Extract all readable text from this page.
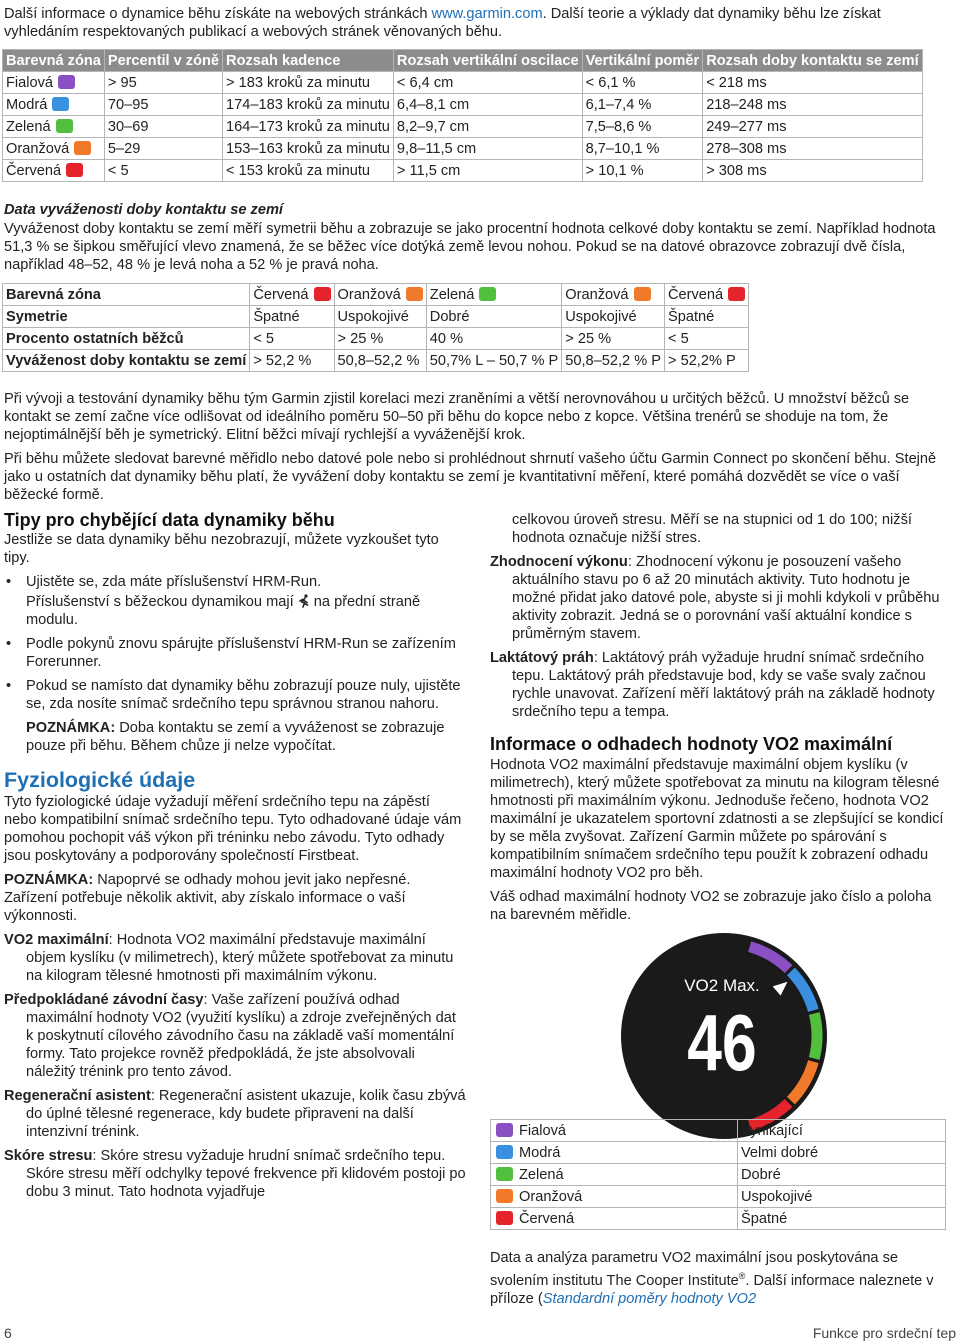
Další informace o dynamice běhu získáte na webových stránkách www.garmin.com. Další teorie a výklady dat dynamiky běhu lze získat vyhledáním respektovaných publikací a webových stránek věnovaných běhu.
Barevná zóna	Percentil v zóně	Rozsah kadence	Rozsah vertikální oscilace	Vertikální poměr	Rozsah doby kontaktu se zemí
Fialová	> 95	> 183 kroků za minutu	< 6,4 cm	< 6,1 %	< 218 ms
Modrá	70–95	174–183 kroků za minutu	6,4–8,1 cm	6,1–7,4 %	218–248 ms
Zelená	30–69	164–173 kroků za minutu	8,2–9,7 cm	7,5–8,6 %	249–277 ms
Oranžová	5–29	153–163 kroků za minutu	9,8–11,5 cm	8,7–10,1 %	278–308 ms
Červená	< 5	< 153 kroků za minutu	> 11,5 cm	> 10,1 %	> 308 ms
Data vyváženosti doby kontaktu se zemí
Vyváženost doby kontaktu se zemí měří symetrii běhu a zobrazuje se jako procentní hodnota celkové doby kontaktu se zemí. Například hodnota 51,3 % se šipkou směřující vlevo znamená, že se běžec více dotýká země levou nohou. Pokud se na datové obrazovce zobrazují dvě čísla, například 48–52, 48 % je levá noha a 52 % je pravá noha.
Barevná zóna	Červená	Oranžová	Zelená	Oranžová	Červená
Symetrie	Špatné	Uspokojivé	Dobré	Uspokojivé	Špatné
Procento ostatních běžců	< 5	> 25 %	40 %	> 25 %	< 5
Vyváženost doby kontaktu se zemí	> 52,2 %	50,8–52,2 %	50,7% L – 50,7 % P	50,8–52,2 % P	> 52,2% P

Při vývoji a testování dynamiky běhu tým Garmin zjistil korelaci mezi zraněními a větší nerovnováhou u určitých běžců. U množství běžců se kontakt se zemí začne více odlišovat od ideálního poměru 50–50 při běhu do kopce nebo z kopce. Většina trenérů se shoduje na tom, že nejoptimálnější běh je symetrický. Elitní běžci mívají rychlejší a vyváženější krok.

Při běhu můžete sledovat barevné měřidlo nebo datové pole nebo si prohlédnout shrnutí vašeho účtu Garmin Connect po skončení běhu. Stejně jako u ostatních dat dynamiky běhu platí, že vyvážení doby kontaktu se zemí je kvantitativní měření, které pomáhá dozvědět se více o vaší běžecké formě.

Tipy pro chybějící data dynamiky běhu

Jestliže se data dynamiky běhu nezobrazují, můžete vyzkoušet tyto tipy.

• Ujistěte se, zda máte příslušenství HRM-Run.

Příslušenství s běžeckou dynamikou mají  na přední straně modulu.

• Podle pokynů znovu spárujte příslušenství HRM-Run se zařízením Forerunner.
• Pokud se namísto dat dynamiky běhu zobrazují pouze nuly, ujistěte se, zda nosíte snímač srdečního tepu správnou stranou nahoru.

POZNÁMKA: Doba kontaktu se zemí a vyváženost se zobrazuje pouze při běhu. Během chůze ji nelze vypočítat.

Fyziologické údaje

Tyto fyziologické údaje vyžadují měření srdečního tepu na zápěstí nebo kompatibilní snímač srdečního tepu. Tyto odhadované údaje vám pomohou pochopit váš výkon při tréninku nebo závodu. Tyto odhady jsou poskytovány a podporovány společností Firstbeat.

POZNÁMKA: Napoprvé se odhady mohou jevit jako nepřesné. Zařízení potřebuje několik aktivit, aby získalo informace o vaší výkonnosti.

VO2 maximální: Hodnota VO2 maximální představuje maximální objem kyslíku (v milimetrech), který můžete spotřebovat za minutu na kilogram tělesné hmotnosti při maximálním výkonu.

Předpokládané závodní časy: Vaše zařízení používá odhad maximální hodnoty VO2 (využití kyslíku) a zdroje zveřejněných dat k poskytnutí cílového závodního času na základě vaší momentální formy. Tato projekce rovněž předpokládá, že jste absolvovali náležitý trénink pro tento závod.

Regenerační asistent: Regenerační asistent ukazuje, kolik času zbývá do úplné tělesné regenerace, kdy budete připraveni na další intenzivní trénink.

Skóre stresu: Skóre stresu vyžaduje hrudní snímač srdečního tepu. Skóre stresu měří odchylky tepové frekvence při klidovém postoji po dobu 3 minut. Tato hodnota vyjadřuje

celkovou úroveň stresu. Měří se na stupnici od 1 do 100; nižší hodnota označuje nižší stres.

Zhodnocení výkonu: Zhodnocení výkonu je posouzení vašeho aktuálního stavu po 6 až 20 minutách aktivity. Tuto hodnotu je možné přidat jako datové pole, abyste si ji mohli kdykoli v průběhu aktivity zobrazit. Jedná se o porovnání vaší aktuální kondice s průměrným stavem.

Laktátový práh: Laktátový práh vyžaduje hrudní snímač srdečního tepu. Laktátový práh představuje bod, kdy se vaše svaly začnou rychle unavovat. Zařízení měří laktátový práh na základě hodnoty srdečního tepu a tempa.

Informace o odhadech hodnoty VO2 maximální

Hodnota VO2 maximální představuje maximální objem kyslíku (v milimetrech), který můžete spotřebovat za minutu na kilogram tělesné hmotnosti při maximálním výkonu. Jednoduše řečeno, hodnota VO2 maximální je ukazatelem sportovní zdatnosti a se zlepšující se kondicí by se měla zvyšovat. Zařízení Garmin můžete po spárování s kompatibilním snímačem srdečního tepu použít k zobrazení odhadu maximální hodnoty VO2 pro běh.

Váš odhad maximální hodnoty VO2 se zobrazuje jako číslo a poloha na barevném měřidle.

VO2 Max.
46
Fialová	Vynikající
Modrá	Velmi dobré
Zelená	Dobré
Oranžová	Uspokojivé
Červená	Špatné
Data a analýza parametru VO2 maximální jsou poskytována se svolením institutu The Cooper Institute®. Další informace naleznete v příloze (Standardní poměry hodnoty VO2
6	Funkce pro srdeční tep
